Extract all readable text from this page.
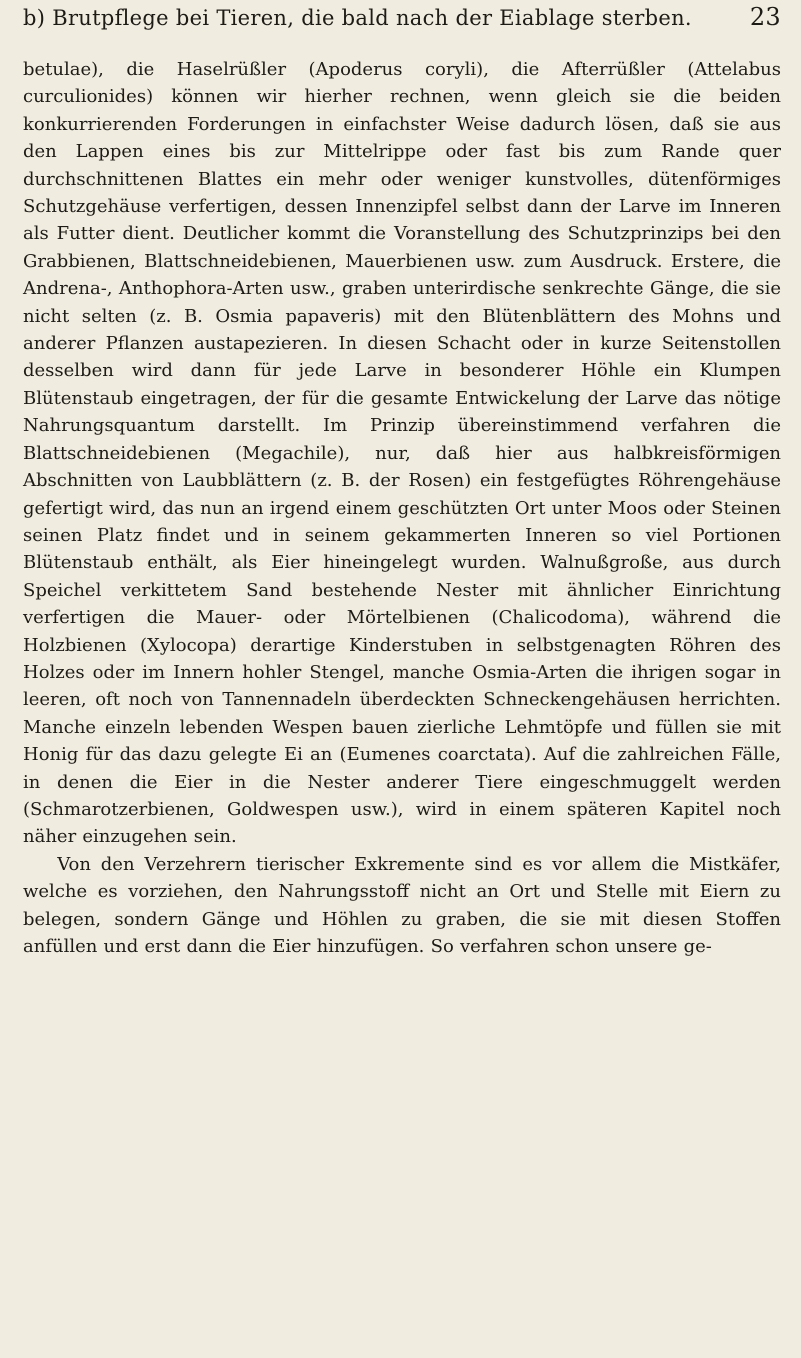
b) Brutpflege bei Tieren, die bald nach der Eiablage sterben.	23

betulae), die Haselrüßler (Apoderus coryli), die Afterrüßler (Attelabus curculionides) können wir hierher rechnen, wenn gleich sie die beiden konkurrierenden Forderungen in einfachster Weise dadurch lösen, daß sie aus den Lappen eines bis zur Mittelrippe oder fast bis zum Rande quer durchschnittenen Blattes ein mehr oder weniger kunstvolles, dütenförmiges Schutzgehäuse verfertigen, dessen Innenzipfel selbst dann der Larve im Inneren als Futter dient. Deutlicher kommt die Voranstellung des Schutzprinzips bei den Grabbienen, Blattschneidebienen, Mauerbienen usw. zum Ausdruck. Erstere, die Andrena-, Anthophora-Arten usw., graben unterirdische senkrechte Gänge, die sie nicht selten (z. B. Osmia papaveris) mit den Blütenblättern des Mohns und anderer Pflanzen austapezieren. In diesen Schacht oder in kurze Seitenstollen desselben wird dann für jede Larve in besonderer Höhle ein Klumpen Blütenstaub eingetragen, der für die gesamte Entwickelung der Larve das nötige Nahrungsquantum darstellt. Im Prinzip übereinstimmend verfahren die Blattschneidebienen (Megachile), nur, daß hier aus halbkreisförmigen Abschnitten von Laubblättern (z. B. der Rosen) ein festgefügtes Röhrengehäuse gefertigt wird, das nun an irgend einem geschützten Ort unter Moos oder Steinen seinen Platz findet und in seinem gekammerten Inneren so viel Portionen Blütenstaub enthält, als Eier hineingelegt wurden. Walnußgroße, aus durch Speichel verkittetem Sand bestehende Nester mit ähnlicher Einrichtung verfertigen die Mauer- oder Mörtelbienen (Chalicodoma), während die Holzbienen (Xylocopa) derartige Kinderstuben in selbstgenagten Röhren des Holzes oder im Innern hohler Stengel, manche Osmia-Arten die ihrigen sogar in leeren, oft noch von Tannennadeln überdeckten Schneckengehäusen herrichten. Manche einzeln lebenden Wespen bauen zierliche Lehmtöpfe und füllen sie mit Honig für das dazu gelegte Ei an (Eumenes coarctata). Auf die zahlreichen Fälle, in denen die Eier in die Nester anderer Tiere eingeschmuggelt werden (Schmarotzerbienen, Goldwespen usw.), wird in einem späteren Kapitel noch näher einzugehen sein.

Von den Verzehrern tierischer Exkremente sind es vor allem die Mistkäfer, welche es vorziehen, den Nahrungsstoff nicht an Ort und Stelle mit Eiern zu belegen, sondern Gänge und Höhlen zu graben, die sie mit diesen Stoffen anfüllen und erst dann die Eier hinzufügen. So verfahren schon unsere ge-
